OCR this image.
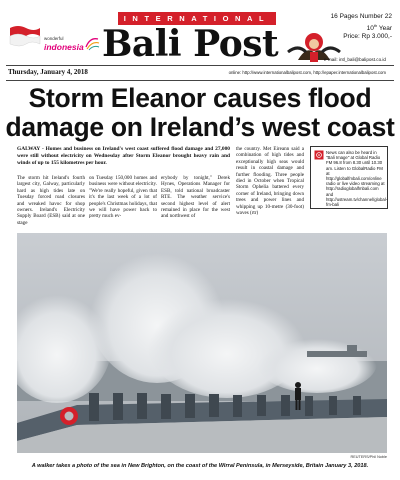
INTERNATIONAL
wonderful
indonesia Bali Post
16 Pages Number 22
10th Year
Price: Rp 3.000,-
e-mail: intl_bali@balipost.co.id
Thursday, January 4, 2018	online: http://www.internationalbalipost.com, http://epaper.internationalbalipost.com
Storm Eleanor causes flood
damage on Ireland’s west coast

GALWAY - Homes and business on Ireland's west coast suffered flood damage and 27,000 were still without electricity on Wednesday after Storm Eleanor brought heavy rain and winds of up to 155 kilometres per hour.

The storm hit Ireland's fourth largest city, Galway, particularly hard as high tides late on Tuesday forced road closures and wreaked havoc for shop owners. Ireland's Electricity Supply Board (ESB) said at one stage

on Tuesday 150,000 homes and business were without electricity. "We're really hopeful, given that it's the last week of a lot of people's Christmas holidays, that we will have power back to pretty much ev-

erybody by tonight," Derek Hynes, Operations Manager for ESB, told national broadcaster RTE. The weather service's second highest level of alert remained in place for the west and northwest of

the country. Met Eireann said a combination of high tides and exceptionally high seas would result in coastal damage and further flooding. Three people died in October when Tropical Storm Ophelia battered every corner of Ireland, bringing down trees and power lines and whipping up 10-metre (30-foot) waves (rtr)

News can also be heard in "Bali Image" at Global Radio FM 96.8 from 8.30 until 10.30 am. Listen to GlobalRadio FM at http://globalfmbali.com/online radio or live video streaming at http://radioglobalfmbali.com and http://ustream.tv/channel/global-fm-bali

REUTERS/Phil Noble

A walker takes a photo of the sea in New Brighton, on the coast of the Wirral Peninsula, in Merseyside, Britain January 3, 2018.
